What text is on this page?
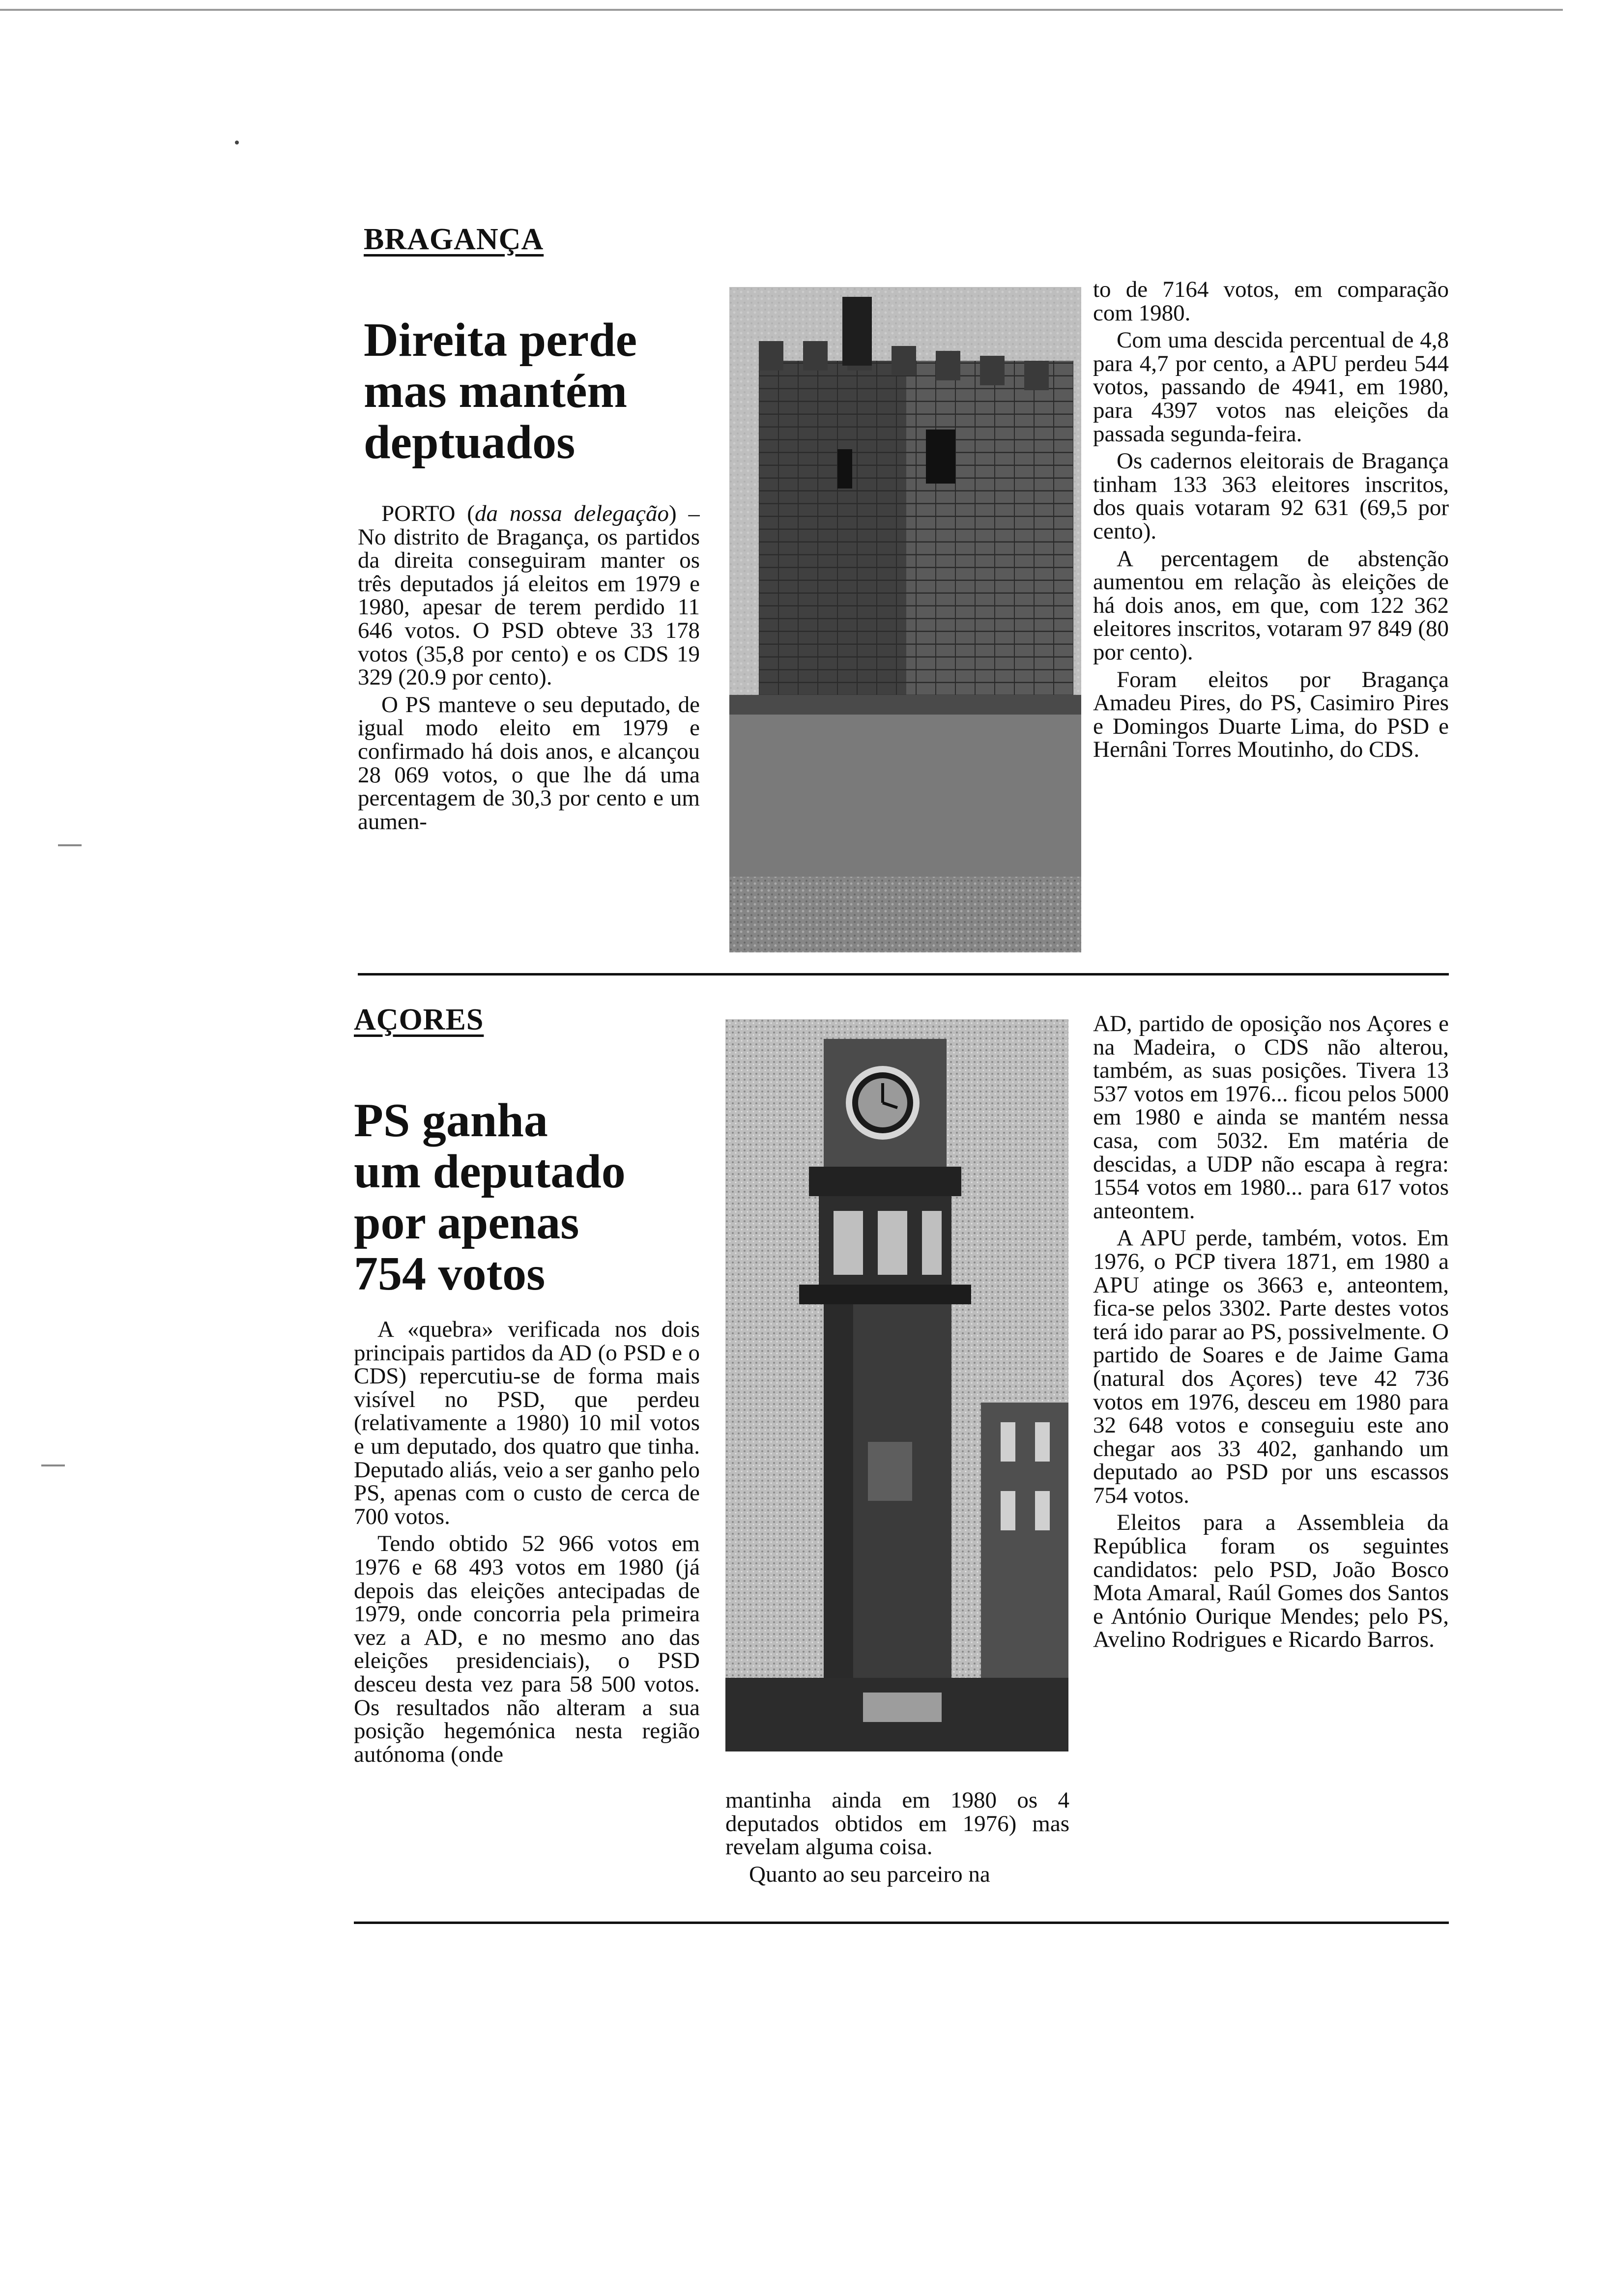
BRAGANÇA
Direita perde
mas mantém
deptuados

PORTO (da nossa delegação) – No distrito de Bragança, os partidos da direita conseguiram manter os três deputados já eleitos em 1979 e 1980, apesar de terem perdido 11 646 votos. O PSD obteve 33 178 votos (35,8 por cento) e os CDS 19 329 (20.9 por cento).

O PS manteve o seu deputado, de igual modo eleito em 1979 e confirmado há dois anos, e alcançou 28 069 votos, o que lhe dá uma percentagem de 30,3 por cento e um aumen-

to de 7164 votos, em comparação com 1980.

Com uma descida percentual de 4,8 para 4,7 por cento, a APU perdeu 544 votos, passando de 4941, em 1980, para 4397 votos nas eleições da passada segunda-feira.

Os cadernos eleitorais de Bragança tinham 133 363 eleitores inscritos, dos quais votaram 92 631 (69,5 por cento).

A percentagem de abstenção aumentou em relação às eleições de há dois anos, em que, com 122 362 eleitores inscritos, votaram 97 849 (80 por cento).

Foram eleitos por Bragança Amadeu Pires, do PS, Casimiro Pires e Domingos Duarte Lima, do PSD e Hernâni Torres Moutinho, do CDS.

AÇORES
PS ganha
um deputado
por apenas
754 votos

A «quebra» verificada nos dois principais partidos da AD (o PSD e o CDS) repercutiu-se de forma mais visível no PSD, que perdeu (relativamente a 1980) 10 mil votos e um deputado, dos quatro que tinha. Deputado aliás, veio a ser ganho pelo PS, apenas com o custo de cerca de 700 votos.

Tendo obtido 52 966 votos em 1976 e 68 493 votos em 1980 (já depois das eleições antecipadas de 1979, onde concorria pela primeira vez a AD, e no mesmo ano das eleições presidenciais), o PSD desceu desta vez para 58 500 votos. Os resultados não alteram a sua posição hegemónica nesta região autónoma (onde

mantinha ainda em 1980 os 4 deputados obtidos em 1976) mas revelam alguma coisa.

Quanto ao seu parceiro na

AD, partido de oposição nos Açores e na Madeira, o CDS não alterou, também, as suas posições. Tivera 13 537 votos em 1976... ficou pelos 5000 em 1980 e ainda se mantém nessa casa, com 5032. Em matéria de descidas, a UDP não escapa à regra: 1554 votos em 1980... para 617 votos anteontem.

A APU perde, também, votos. Em 1976, o PCP tivera 1871, em 1980 a APU atinge os 3663 e, anteontem, fica-se pelos 3302. Parte destes votos terá ido parar ao PS, possivelmente. O partido de Soares e de Jaime Gama (natural dos Açores) teve 42 736 votos em 1976, desceu em 1980 para 32 648 votos e conseguiu este ano chegar aos 33 402, ganhando um deputado ao PSD por uns escassos 754 votos.

Eleitos para a Assembleia da República foram os seguintes candidatos: pelo PSD, João Bosco Mota Amaral, Raúl Gomes dos Santos e António Ourique Mendes; pelo PS, Avelino Rodrigues e Ricardo Barros.
